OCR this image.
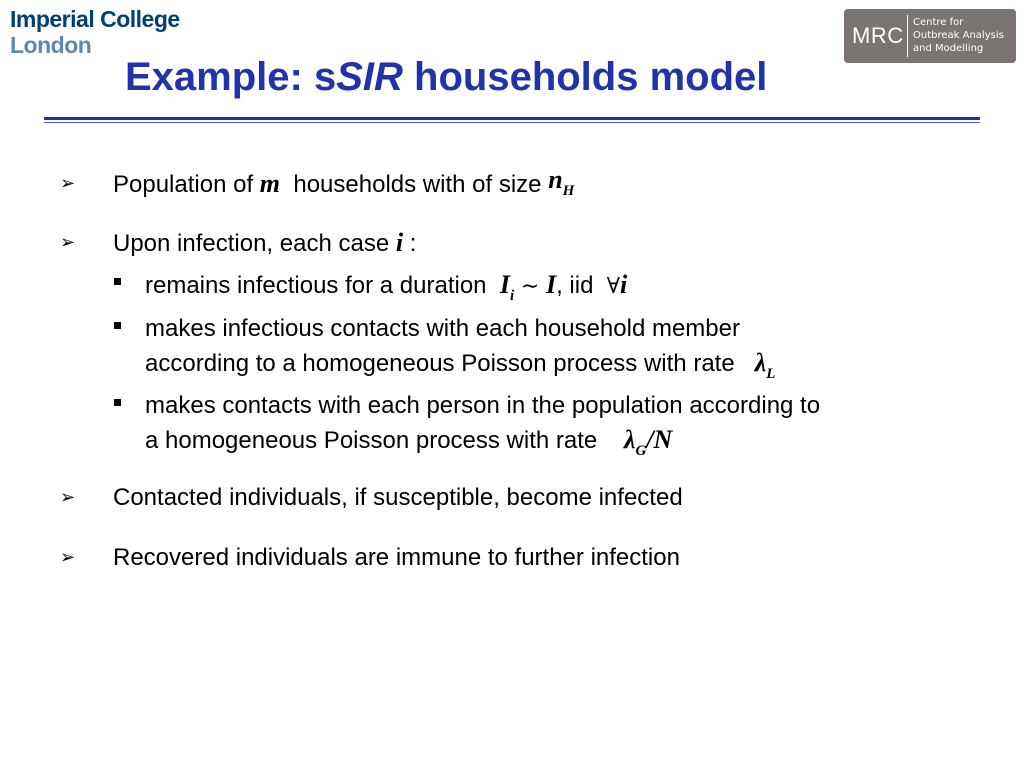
Imperial College
London	MRC
Centre for
Outbreak Analysis
and Modelling
Example: sSIR households model
➢ Population of m households with of size $n_H$
➢ Upon infection, each case i :
remains infectious for a duration $I_i$ ∼ I, iid ∀i
makes infectious contacts with each household member
according to a homogeneous Poisson process with rate $\lambda_L$
makes contacts with each person in the population according to
a homogeneous Poisson process with rate $\lambda_G/N$
➢ Contacted individuals, if susceptible, become infected
➢ Recovered individuals are immune to further infection
